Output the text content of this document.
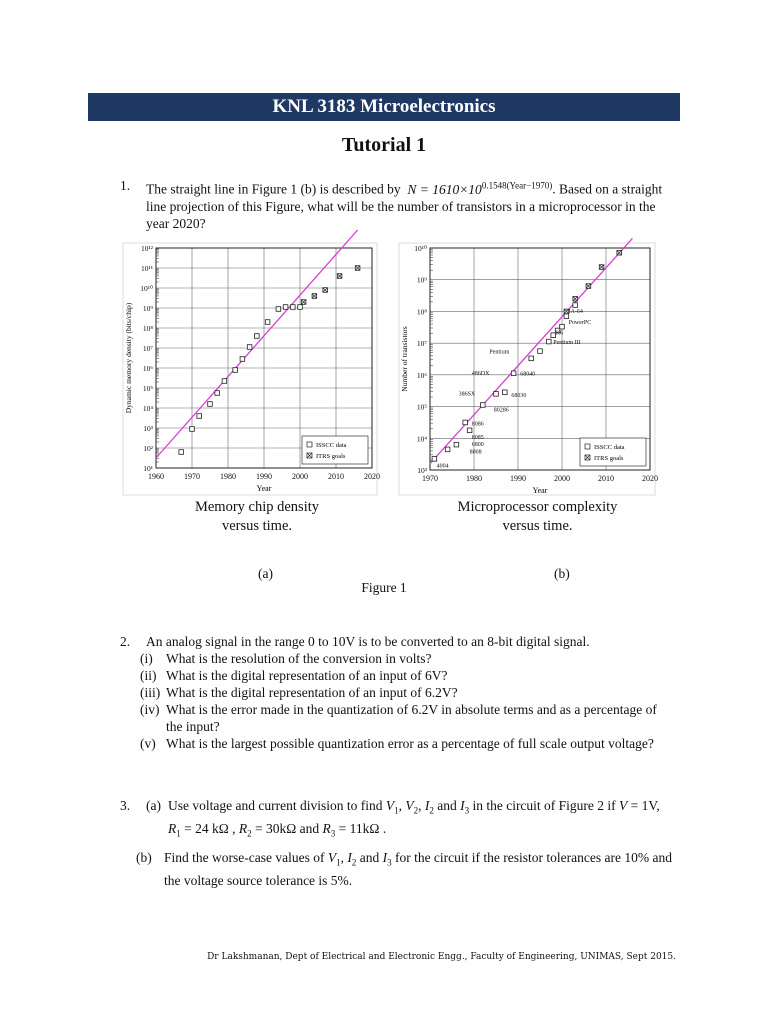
KNL 3183 Microelectronics
Tutorial 1
1. The straight line in Figure 1 (b) is described by $N = 1610\times 10^{0.1548(Year-1970)}$. Based on a straight line projection of this Figure, what will be the number of transistors in a microprocessor in the year 2020?
1960	1970	1980	1990	2000	2010	2020
10¹
10²
10³
10⁴
10⁵
10⁶
10⁷
10⁸
10⁹
10¹⁰
10¹¹
10¹²
Year
Dynamic memory density (bits/chip)
ISSCC data
ITRS goals
1970	1980	1990	2000	2010	2020
10³
10⁴
10⁵
10⁶
10⁷
10⁸
10⁹
10¹⁰
Year
Number of transistors
ISSCC data
ITRS goals
IA-64
PowerPC
K6
Pentium III
Pentium
486DX	68040
386SX	68030
80286
8086
8085
6800
8008
4004
Memory chip density
versus time.
Microprocessor complexity
versus time.
(a)	(b)
Figure 1
2. An analog signal in the range 0 to 10V is to be converted to an 8-bit digital signal.
(i) What is the resolution of the conversion in volts?
(ii) What is the digital representation of an input of 6V?
(iii) What is the digital representation of an input of 6.2V?
(iv) What is the error made in the quantization of 6.2V in absolute terms and as a percentage of the input?
(v) What is the largest possible quantization error as a percentage of full scale output voltage?
3. (a) Use voltage and current division to find $V_1$, $V_2$, $I_2$ and $I_3$ in the circuit of Figure 2 if V = 1V, $R_1 = 24$ kΩ , $R_2 = 30k\Omega$ and $R_3 = 11k\Omega$ .
(b) Find the worse-case values of $V_1$, $I_2$ and $I_3$ for the circuit if the resistor tolerances are 10% and the voltage source tolerance is 5%.
Dr Lakshmanan, Dept of Electrical and Electronic Engg., Faculty of Engineering, UNIMAS, Sept 2015.
